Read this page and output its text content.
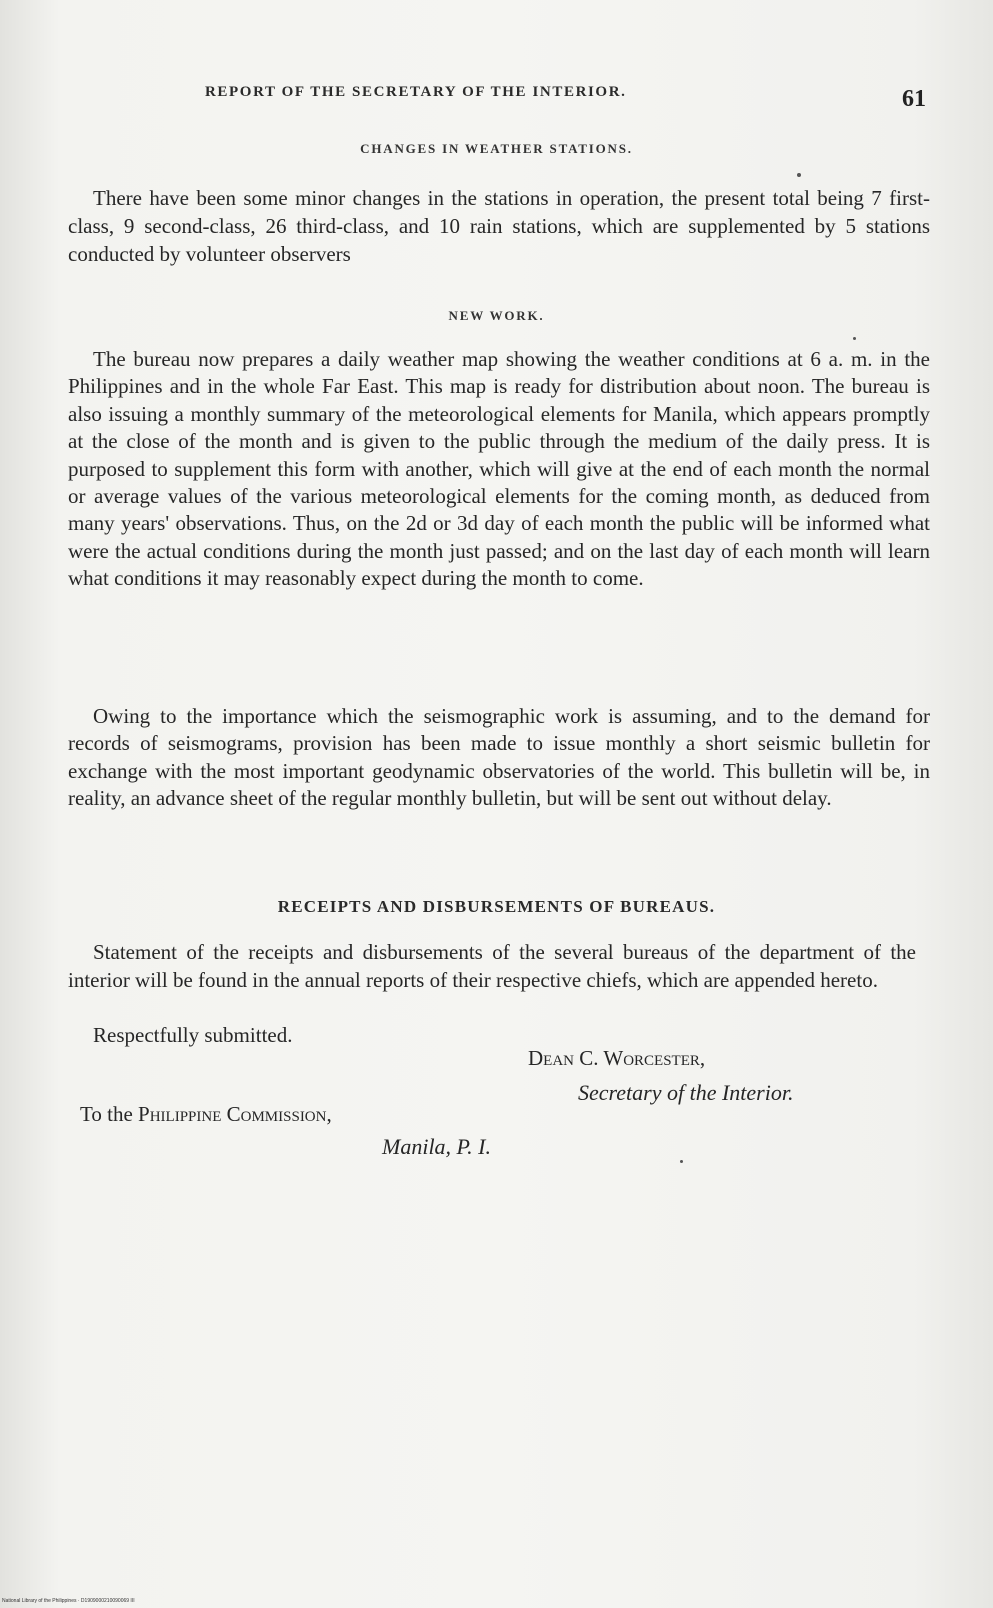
REPORT OF THE SECRETARY OF THE INTERIOR.	61
CHANGES IN WEATHER STATIONS.

There have been some minor changes in the stations in operation, the present total being 7 first-class, 9 second-class, 26 third-class, and 10 rain stations, which are supplemented by 5 stations conducted by volunteer observers

NEW WORK.

The bureau now prepares a daily weather map showing the weather conditions at 6 a. m. in the Philippines and in the whole Far East. This map is ready for distribution about noon. The bureau is also issuing a monthly summary of the meteorological elements for Manila, which appears promptly at the close of the month and is given to the public through the medium of the daily press. It is purposed to supplement this form with another, which will give at the end of each month the normal or average values of the various meteorological elements for the coming month, as deduced from many years' observations. Thus, on the 2d or 3d day of each month the public will be informed what were the actual conditions during the month just passed; and on the last day of each month will learn what conditions it may reasonably expect during the month to come.

Owing to the importance which the seismographic work is assuming, and to the demand for records of seismograms, provision has been made to issue monthly a short seismic bulletin for exchange with the most important geodynamic observatories of the world. This bulletin will be, in reality, an advance sheet of the regular monthly bulletin, but will be sent out without delay.

RECEIPTS AND DISBURSEMENTS OF BUREAUS.

Statement of the receipts and disbursements of the several bureaus of the department of the interior will be found in the annual reports of their respective chiefs, which are appended hereto.

Respectfully submitted.
Dean C. Worcester,
Secretary of the Interior.
To the Philippine Commission,
Manila, P. I.
National Library of the Philippines · D1909000210090069 III
